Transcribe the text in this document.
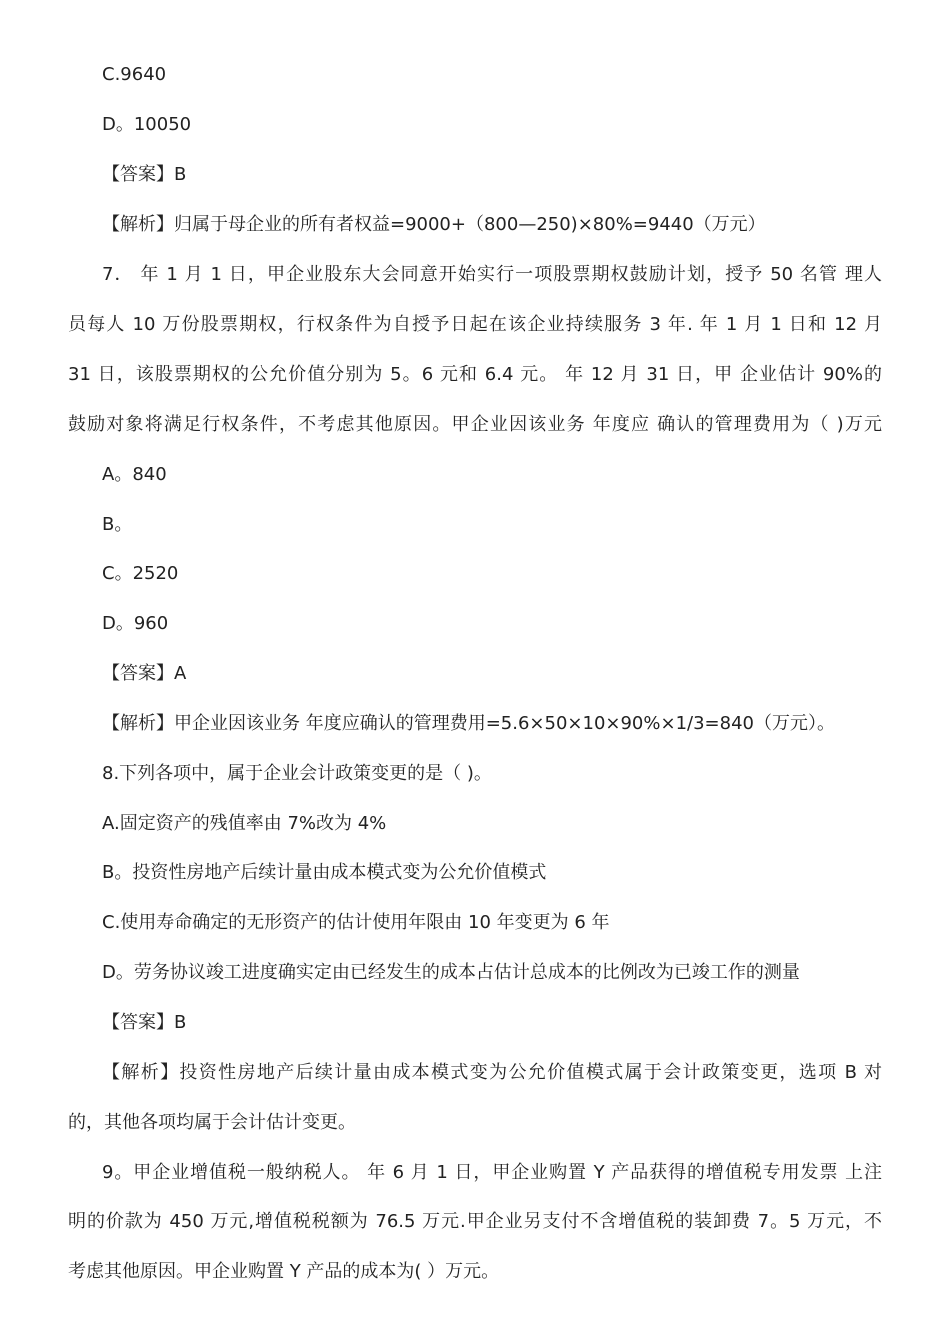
C.9640
D。10050
【答案】B
【解析】归属于母企业的所有者权益=9000+（800—250)×80%=9440（万元）
7． 年 1 月 1 日，甲企业股东大会同意开始实行一项股票期权鼓励计划，授予 50 名管 理人
员每人 10 万份股票期权，行权条件为自授予日起在该企业持续服务 3 年. 年 1 月 1 日和 12 月
31 日，该股票期权的公允价值分别为 5。6 元和 6.4 元。 年 12 月 31 日，甲 企业估计 90%的
鼓励对象将满足行权条件，不考虑其他原因。甲企业因该业务 年度应 确认的管理费用为（ )万元
A。840
B。
C。2520
D。960
【答案】A
【解析】甲企业因该业务 年度应确认的管理费用=5.6×50×10×90%×1/3=840（万元）。
8.下列各项中，属于企业会计政策变更的是（ )。
A.固定资产的残值率由 7%改为 4%
B。投资性房地产后续计量由成本模式变为公允价值模式
C.使用寿命确定的无形资产的估计使用年限由 10 年变更为 6 年
D。劳务协议竣工进度确实定由已经发生的成本占估计总成本的比例改为已竣工作的测量
【答案】B
【解析】投资性房地产后续计量由成本模式变为公允价值模式属于会计政策变更，选项 B 对
的，其他各项均属于会计估计变更。
9。甲企业增值税一般纳税人。 年 6 月 1 日，甲企业购置 Y 产品获得的增值税专用发票 上注
明的价款为 450 万元,增值税税额为 76.5 万元.甲企业另支付不含增值税的装卸费 7。5 万元，不
考虑其他原因。甲企业购置 Y 产品的成本为( ）万元。
